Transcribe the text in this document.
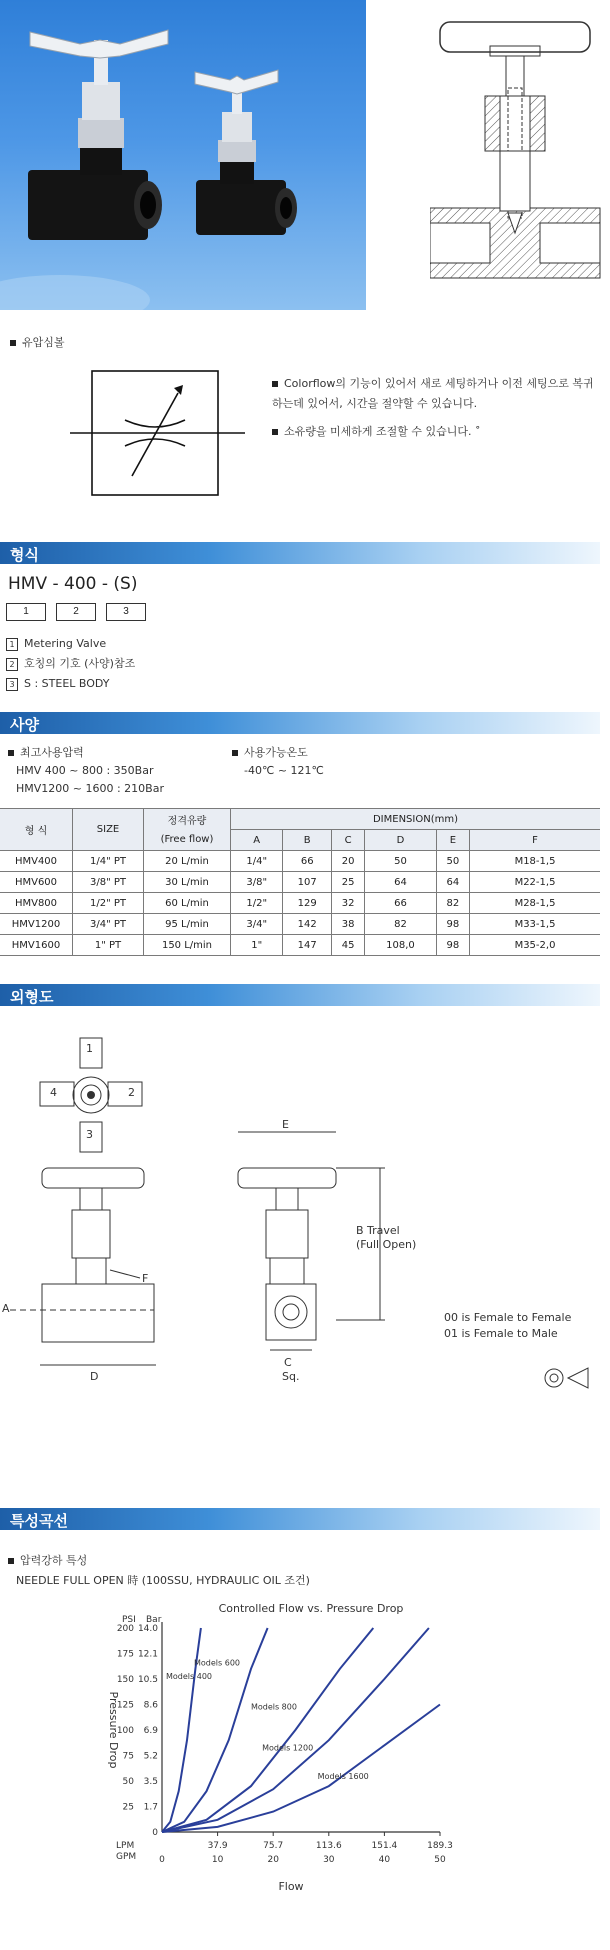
유압심볼
Colorflow의 기능이 있어서 새로 세팅하거나 이전 세팅으로 복귀하는데 있어서, 시간을 절약할 수 있습니다.
소유량을 미세하게 조절할 수 있습니다. ˚
형식
HMV - 400 - (S)
1	2	3
1 Metering Valve
2 호칭의 기호 (사양)참조
3 S : STEEL BODY
사양
최고사용압력
HMV 400 ~ 800 : 350Bar
HMV1200 ~ 1600 : 210Bar
사용가능온도
-40℃ ~ 121℃
형 식	SIZE	정격유량	DIMENSION(mm)					
		(Free flow)	A	B	C	D	E	F
HMV400	1/4" PT	20 L/min	1/4"	66	20	50	50	M18-1,5
HMV600	3/8" PT	30 L/min	3/8"	107	25	64	64	M22-1,5
HMV800	1/2" PT	60 L/min	1/2"	129	32	66	82	M28-1,5
HMV1200	3/4" PT	95 L/min	3/4"	142	38	82	98	M33-1,5
HMV1600	1" PT	150 L/min	1"	147	45	108,0	98	M35-2,0
외형도
1
2
3
4
E
A
D
F
C
Sq.
B Travel
(Full Open)
00 is Female to Female
01 is Female to Male
특성곡선
압력강하 특성
NEEDLE FULL OPEN 時 (100SSU, HYDRAULIC OIL 조건)
Controlled Flow vs. Pressure Drop
PSI Bar
200 14.0
175 12.1
150 10.5
125 8.6
100 6.9
75 5.2
50 3.5
25 1.7
0
0	10	20	30	40	50
37.9	75.7	113.6	151.4	189.3
LPM
GPM
Flow
Pressure Drop
Models 400
Models 600
Models 800
Models 1200
Models 1600
